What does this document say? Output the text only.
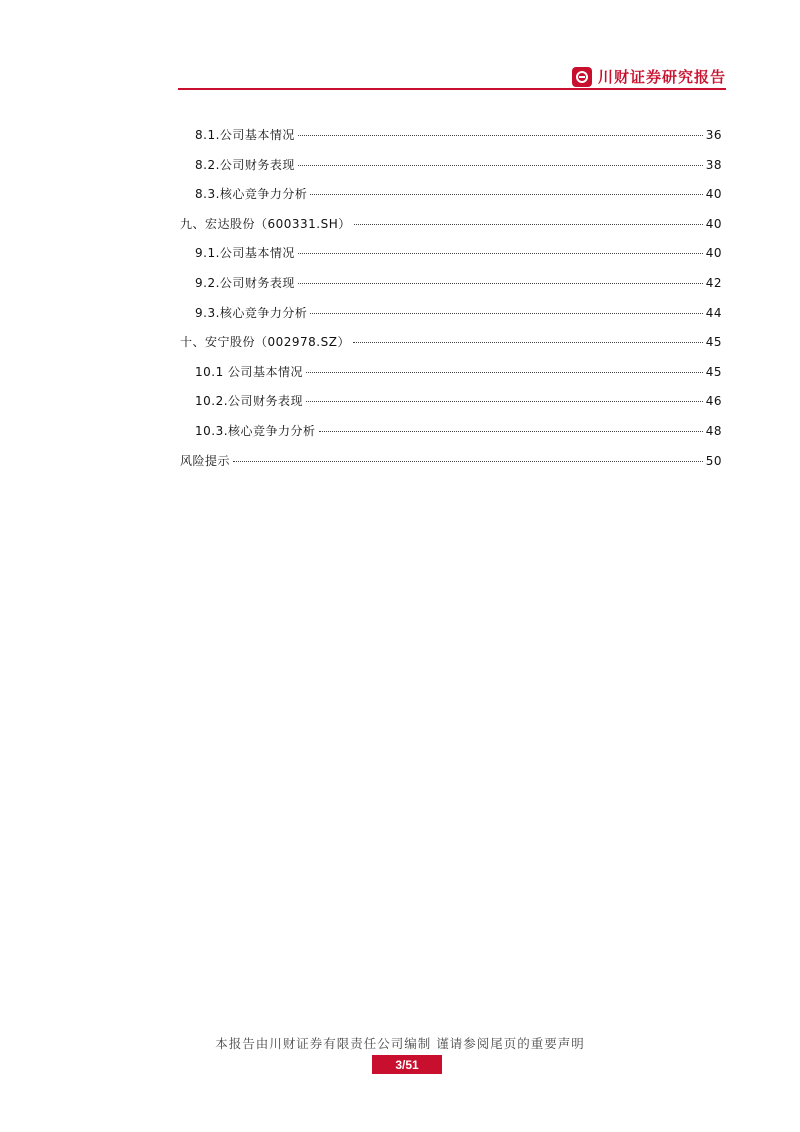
川财证券研究报告
8.1.公司基本情况	36
8.2.公司财务表现	38
8.3.核心竞争力分析	40
九、宏达股份（600331.SH）	40
9.1.公司基本情况	40
9.2.公司财务表现	42
9.3.核心竞争力分析	44
十、安宁股份（002978.SZ）	45
10.1 公司基本情况	45
10.2.公司财务表现	46
10.3.核心竞争力分析	48
风险提示	50
本报告由川财证券有限责任公司编制 谨请参阅尾页的重要声明
3/51
